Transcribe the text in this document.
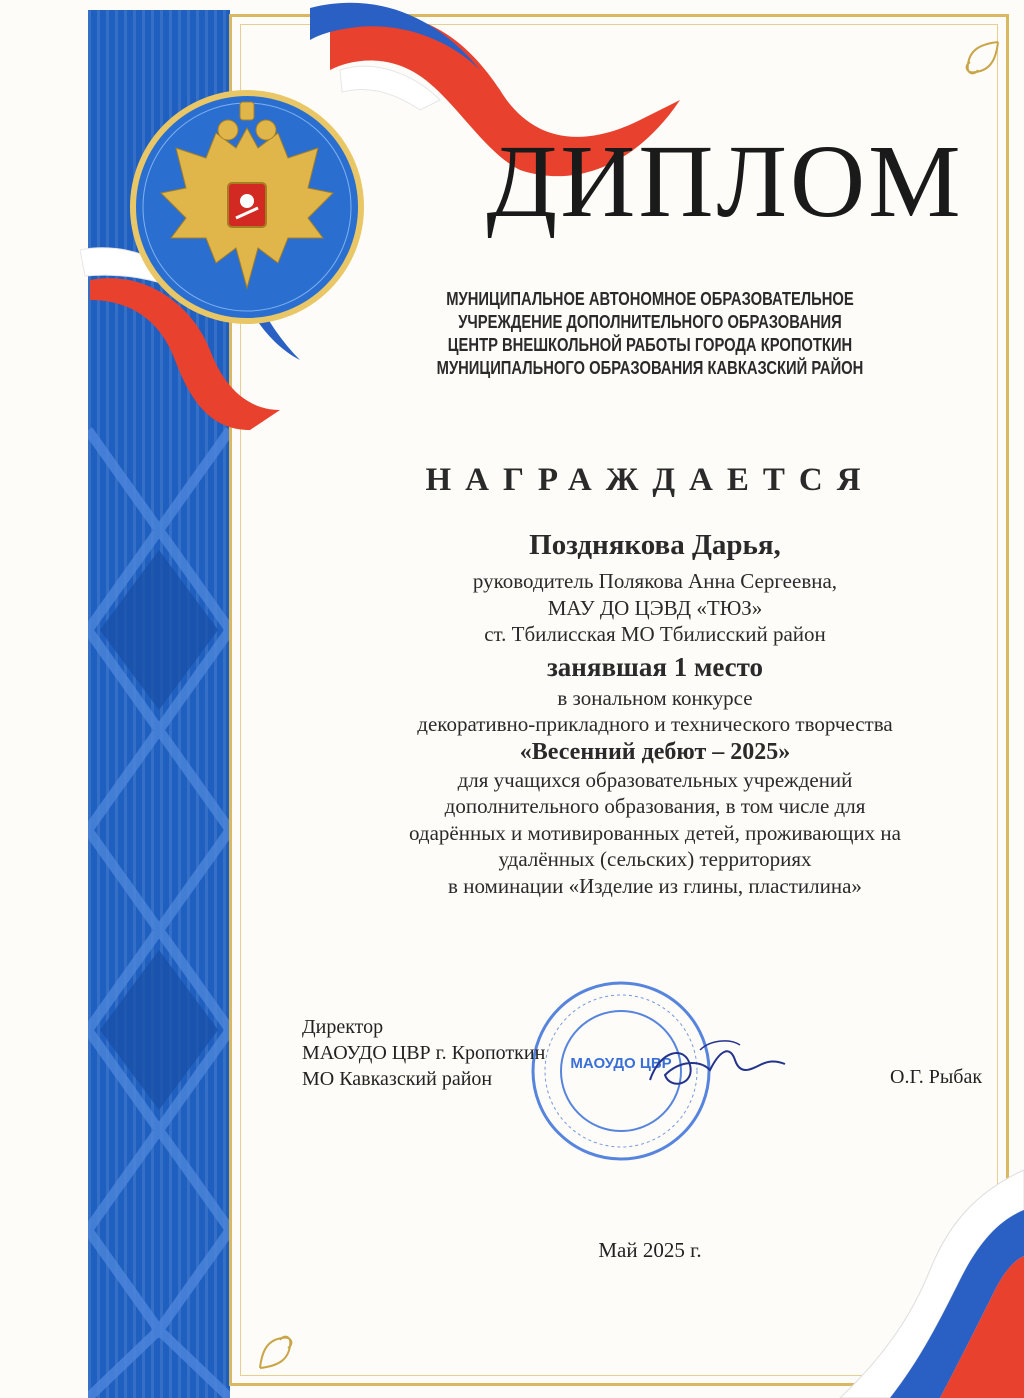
ДИПЛОМ
МУНИЦИПАЛЬНОЕ АВТОНОМНОЕ ОБРАЗОВАТЕЛЬНОЕ
УЧРЕЖДЕНИЕ ДОПОЛНИТЕЛЬНОГО ОБРАЗОВАНИЯ
ЦЕНТР ВНЕШКОЛЬНОЙ РАБОТЫ ГОРОДА КРОПОТКИН
МУНИЦИПАЛЬНОГО ОБРАЗОВАНИЯ КАВКАЗСКИЙ РАЙОН
НАГРАЖДАЕТСЯ
Позднякова Дарья,
руководитель Полякова Анна Сергеевна,
МАУ ДО ЦЭВД «ТЮЗ»
ст. Тбилисская МО Тбилисский район
занявшая 1 место
в зональном конкурсе
декоративно-прикладного и технического творчества
«Весенний дебют – 2025»
для учащихся образовательных учреждений
дополнительного образования, в том числе для
одарённых и мотивированных детей, проживающих на
удалённых (сельских) территориях
в номинации «Изделие из глины, пластилина»
МАОУДО ЦВР
Директор
МАОУДО ЦВР г. Кропоткин
МО Кавказский район	О.Г. Рыбак
Май 2025 г.
